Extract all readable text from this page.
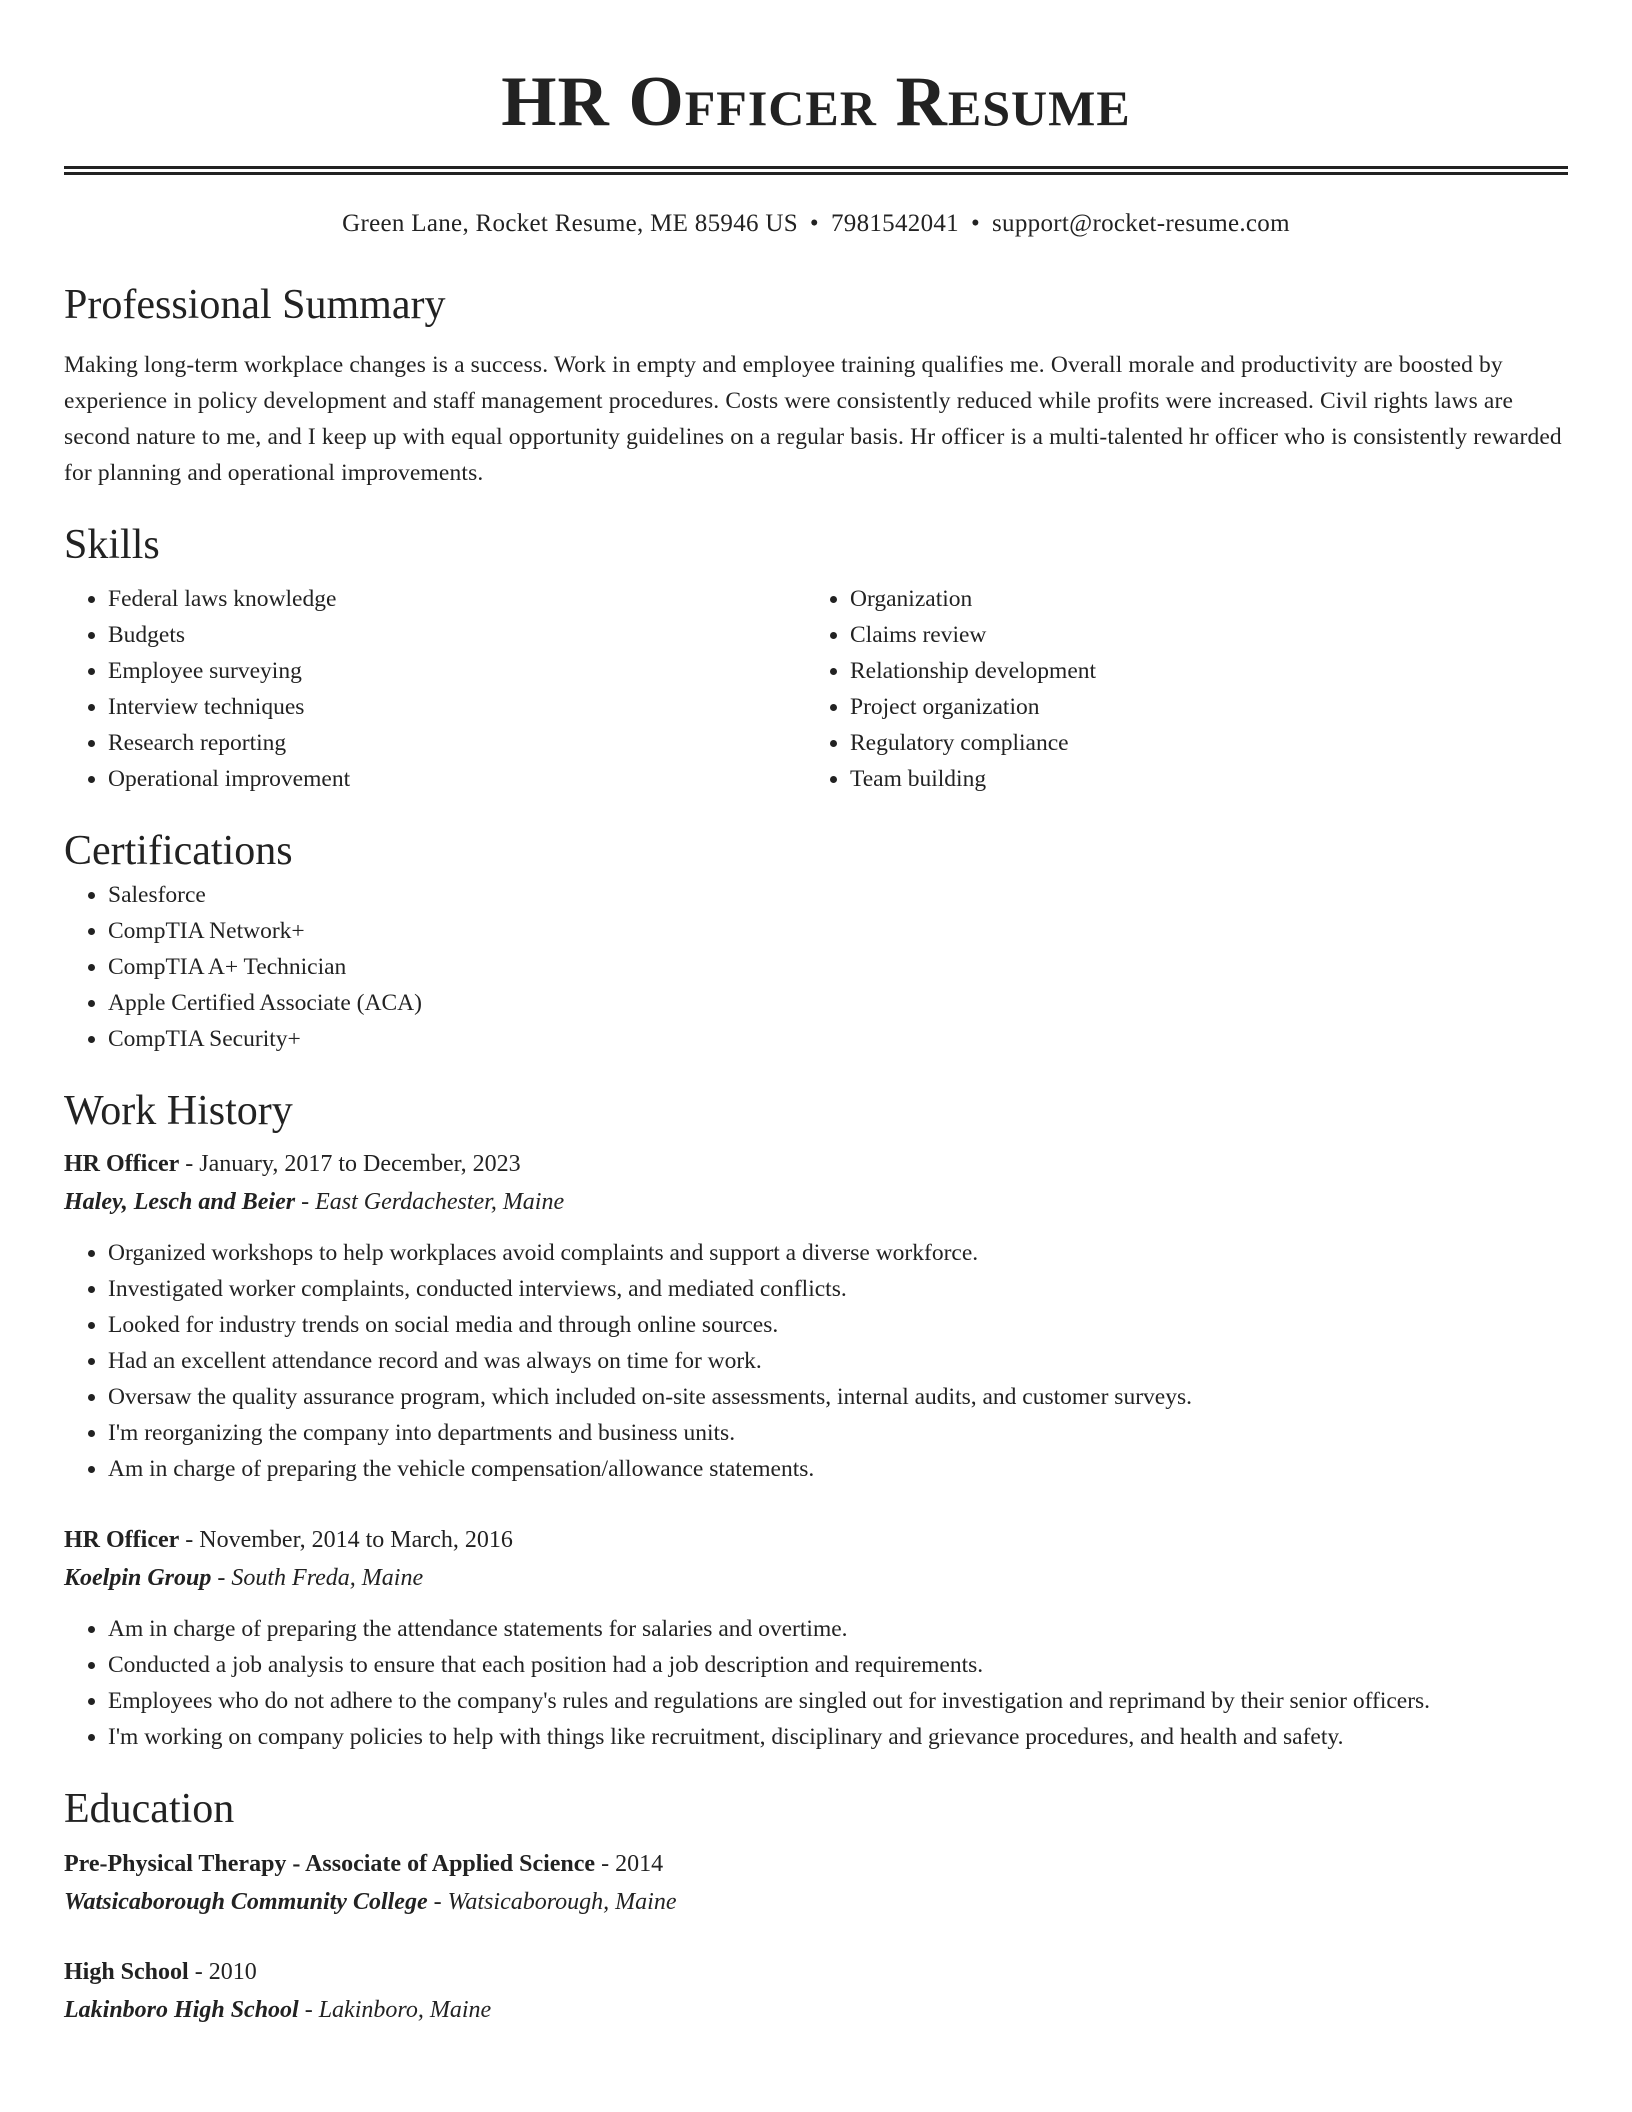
HR Officer Resume
Green Lane, Rocket Resume, ME 85946 US • 7981542041 • support@rocket-resume.com
Professional Summary

Making long-term workplace changes is a success. Work in empty and employee training qualifies me. Overall morale and productivity are boosted by experience in policy development and staff management procedures. Costs were consistently reduced while profits were increased. Civil rights laws are second nature to me, and I keep up with equal opportunity guidelines on a regular basis. Hr officer is a multi-talented hr officer who is consistently rewarded for planning and operational improvements.

Skills
• Federal laws knowledge
• Budgets
• Employee surveying
• Interview techniques
• Research reporting
• Operational improvement
• Organization
• Claims review
• Relationship development
• Project organization
• Regulatory compliance
• Team building
Certifications
• Salesforce
• CompTIA Network+
• CompTIA A+ Technician
• Apple Certified Associate (ACA)
• CompTIA Security+
Work History
HR Officer - January, 2017 to December, 2023
Haley, Lesch and Beier - East Gerdachester, Maine
• Organized workshops to help workplaces avoid complaints and support a diverse workforce.
• Investigated worker complaints, conducted interviews, and mediated conflicts.
• Looked for industry trends on social media and through online sources.
• Had an excellent attendance record and was always on time for work.
• Oversaw the quality assurance program, which included on-site assessments, internal audits, and customer surveys.
• I'm reorganizing the company into departments and business units.
• Am in charge of preparing the vehicle compensation/allowance statements.
HR Officer - November, 2014 to March, 2016
Koelpin Group - South Freda, Maine
• Am in charge of preparing the attendance statements for salaries and overtime.
• Conducted a job analysis to ensure that each position had a job description and requirements.
• Employees who do not adhere to the company's rules and regulations are singled out for investigation and reprimand by their senior officers.
• I'm working on company policies to help with things like recruitment, disciplinary and grievance procedures, and health and safety.
Education
Pre-Physical Therapy - Associate of Applied Science - 2014
Watsicaborough Community College - Watsicaborough, Maine
High School - 2010
Lakinboro High School - Lakinboro, Maine
